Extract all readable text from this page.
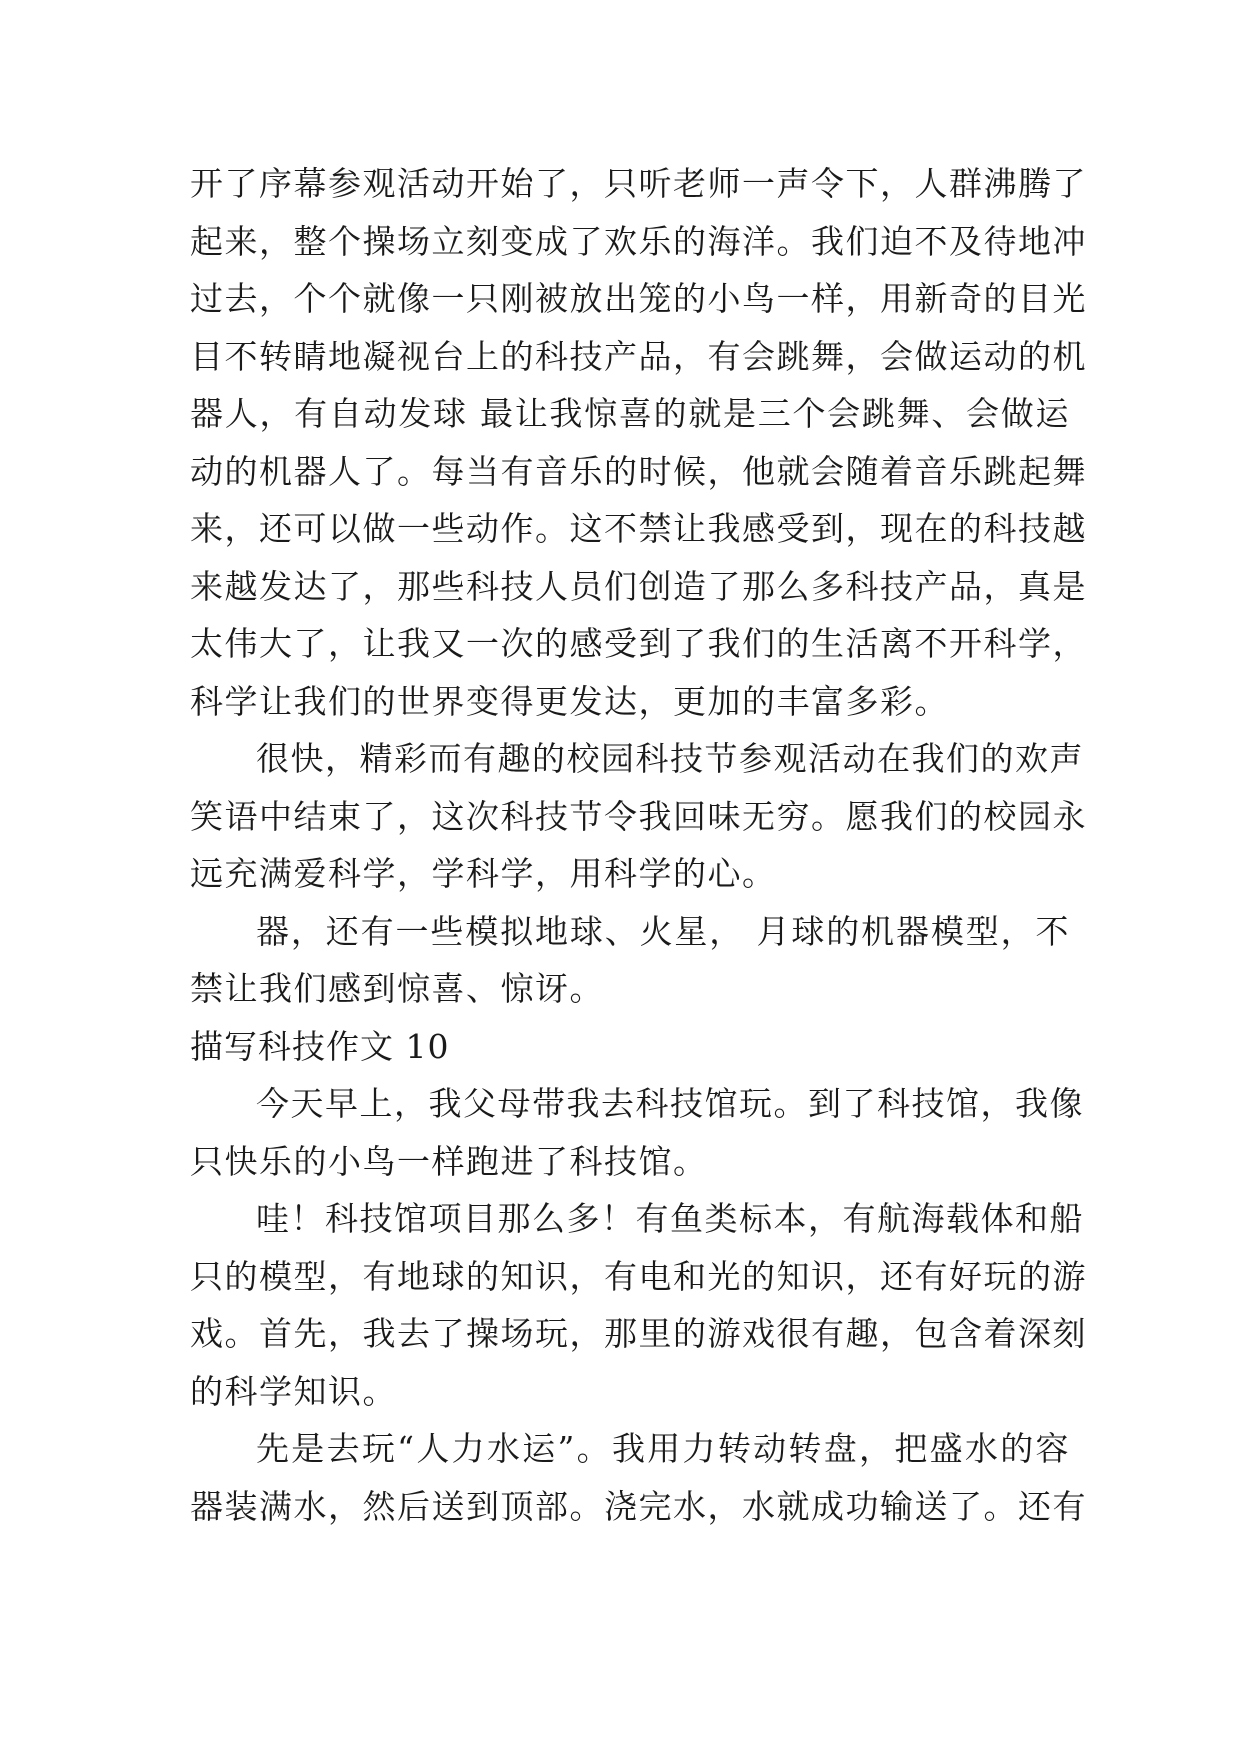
开了序幕参观活动开始了，只听老师一声令下，人群沸腾了
起来，整个操场立刻变成了欢乐的海洋。我们迫不及待地冲
过去，个个就像一只刚被放出笼的小鸟一样，用新奇的目光
目不转睛地凝视台上的科技产品，有会跳舞，会做运动的机
器人，有自动发球 最让我惊喜的就是三个会跳舞、会做运
动的机器人了。每当有音乐的时候，他就会随着音乐跳起舞
来，还可以做一些动作。这不禁让我感受到，现在的科技越
来越发达了，那些科技人员们创造了那么多科技产品，真是
太伟大了，让我又一次的感受到了我们的生活离不开科学，
科学让我们的世界变得更发达，更加的丰富多彩。
很快，精彩而有趣的校园科技节参观活动在我们的欢声
笑语中结束了，这次科技节令我回味无穷。愿我们的校园永
远充满爱科学，学科学，用科学的心。
器，还有一些模拟地球、火星， 月球的机器模型，不
禁让我们感到惊喜、惊讶。
描写科技作文 10
今天早上，我父母带我去科技馆玩。到了科技馆，我像
只快乐的小鸟一样跑进了科技馆。
哇！科技馆项目那么多！有鱼类标本，有航海载体和船
只的模型，有地球的知识，有电和光的知识，还有好玩的游
戏。首先，我去了操场玩，那里的游戏很有趣，包含着深刻
的科学知识。
先是去玩“人力水运”。我用力转动转盘，把盛水的容
器装满水，然后送到顶部。浇完水，水就成功输送了。还有
